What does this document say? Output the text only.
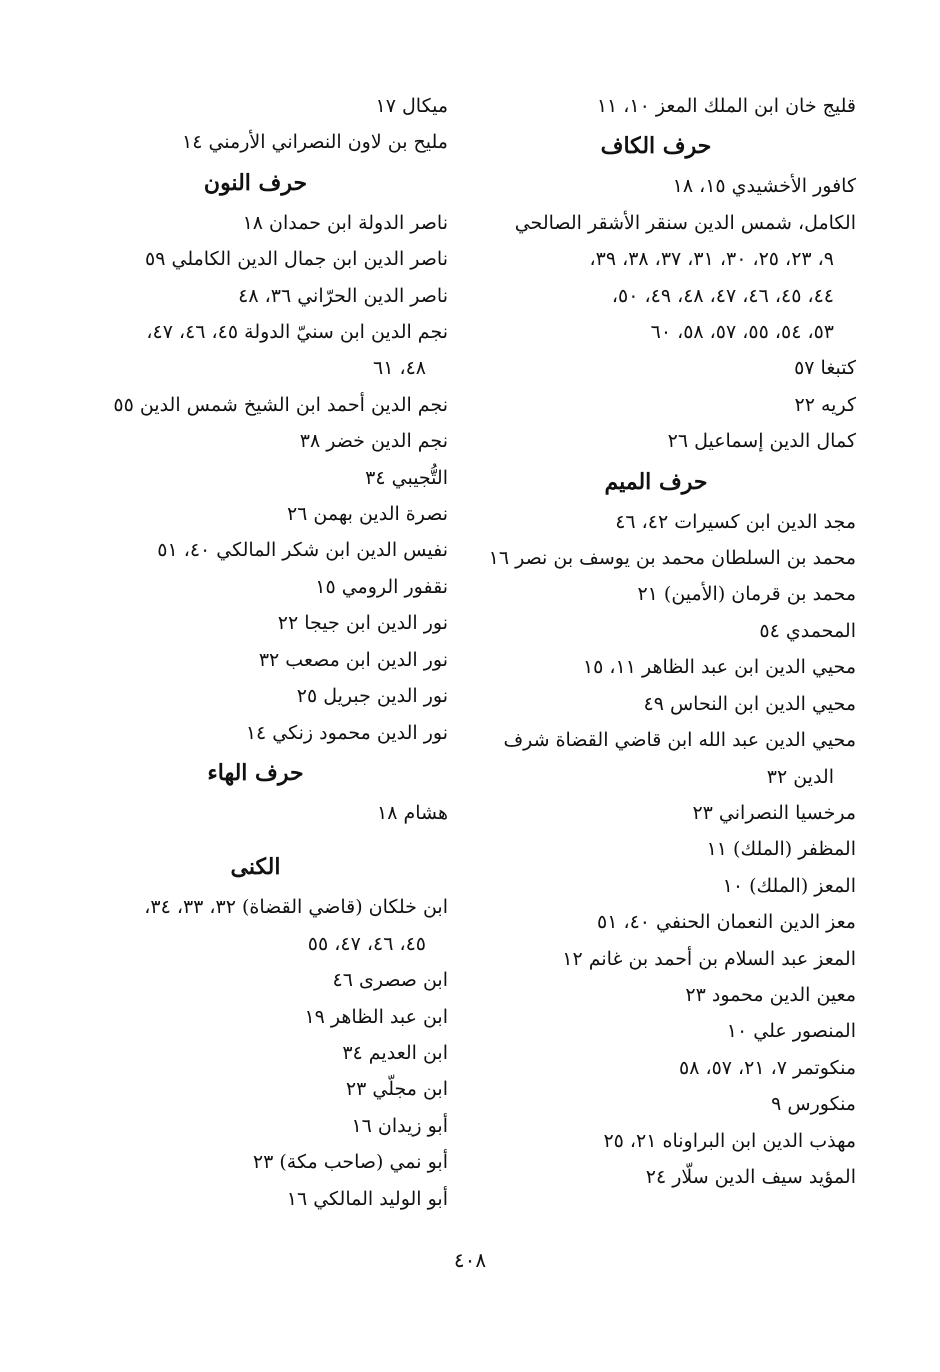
قليج خان ابن الملك المعز ١٠، ١١
حرف الكاف
كافور الأخشيدي ١٥، ١٨
الكامل، شمس الدين سنقر الأشقر الصالحي
٩، ٢٣، ٢٥، ٣٠، ٣١، ٣٧، ٣٨، ٣٩،
٤٤، ٤٥، ٤٦، ٤٧، ٤٨، ٤٩، ٥٠،
٥٣، ٥٤، ٥٥، ٥٧، ٥٨، ٦٠
كتبغا ٥٧
كريه ٢٢
كمال الدين إسماعيل ٢٦
حرف الميم
مجد الدين ابن كسيرات ٤٢، ٤٦
محمد بن السلطان محمد بن يوسف بن نصر ١٦
محمد بن قرمان (الأمين) ٢١
المحمدي ٥٤
محيي الدين ابن عبد الظاهر ١١، ١٥
محيي الدين ابن النحاس ٤٩
محيي الدين عبد الله ابن قاضي القضاة شرف
الدين ٣٢
مرخسيا النصراني ٢٣
المظفر (الملك) ١١
المعز (الملك) ١٠
معز الدين النعمان الحنفي ٤٠، ٥١
المعز عبد السلام بن أحمد بن غانم ١٢
معين الدين محمود ٢٣
المنصور علي ١٠
منكوتمر ٧، ٢١، ٥٧، ٥٨
منكورس ٩
مهذب الدين ابن البراوناه ٢١، ٢٥
المؤيد سيف الدين سلّار ٢٤
ميكال ١٧
مليح بن لاون النصراني الأرمني ١٤
حرف النون
ناصر الدولة ابن حمدان ١٨
ناصر الدين ابن جمال الدين الكاملي ٥٩
ناصر الدين الحرّاني ٣٦، ٤٨
نجم الدين ابن سنيّ الدولة ٤٥، ٤٦، ٤٧،
٤٨، ٦١
نجم الدين أحمد ابن الشيخ شمس الدين ٥٥
نجم الدين خضر ٣٨
التُّجيبي ٣٤
نصرة الدين بهمن ٢٦
نفيس الدين ابن شكر المالكي ٤٠، ٥١
نقفور الرومي ١٥
نور الدين ابن جيجا ٢٢
نور الدين ابن مصعب ٣٢
نور الدين جبريل ٢٥
نور الدين محمود زنكي ١٤
حرف الهاء
هشام ١٨
الكنى
ابن خلكان (قاضي القضاة) ٣٢، ٣٣، ٣٤،
٤٥، ٤٦، ٤٧، ٥٥
ابن صصرى ٤٦
ابن عبد الظاهر ١٩
ابن العديم ٣٤
ابن مجلّي ٢٣
أبو زيدان ١٦
أبو نمي (صاحب مكة) ٢٣
أبو الوليد المالكي ١٦
٤٠٨
